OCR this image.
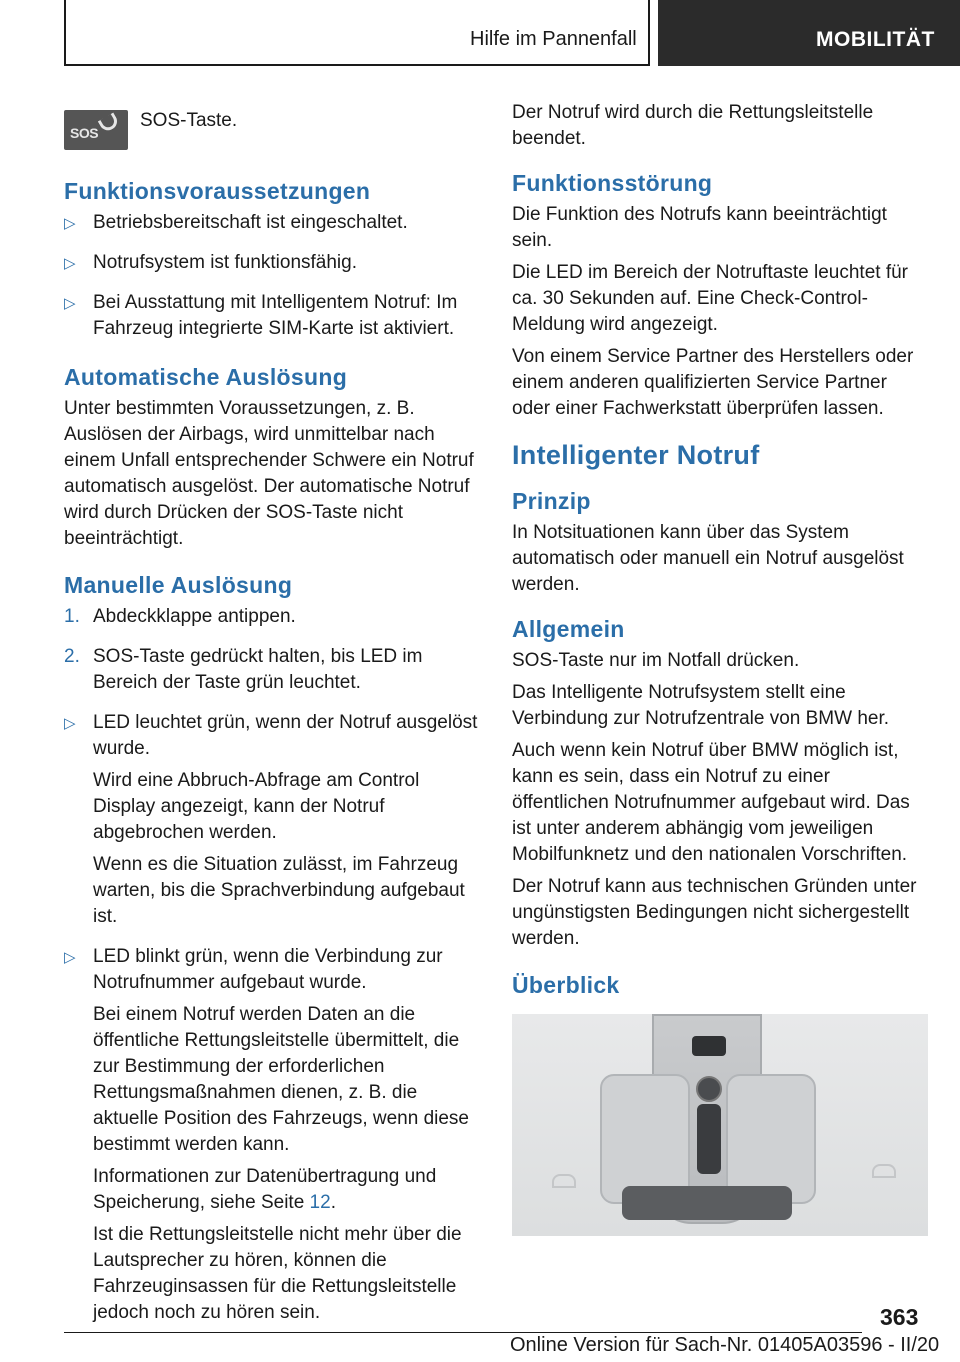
Hilfe im Pannenfall	MOBILITÄT
SOS
SOS-Taste.
Funktionsvoraussetzungen
▷ Betriebsbereitschaft ist eingeschaltet.

▷ Notrufsystem ist funktionsfähig.

▷ Bei Ausstattung mit Intelligentem Notruf: Im Fahrzeug integrierte SIM-Karte ist aktiviert.

Automatische Auslösung

Unter bestimmten Voraussetzungen, z. B. Auslösen der Airbags, wird unmittelbar nach einem Unfall entsprechender Schwere ein Notruf automatisch ausgelöst. Der automatische Notruf wird durch Drücken der SOS-Taste nicht beeinträchtigt.

Manuelle Auslösung
1. Abdeckklappe antippen.

2. SOS-Taste gedrückt halten, bis LED im Bereich der Taste grün leuchtet.

▷ LED leuchtet grün, wenn der Notruf ausgelöst wurde.

Wird eine Abbruch-Abfrage am Control Display angezeigt, kann der Notruf abgebrochen werden.

Wenn es die Situation zulässt, im Fahrzeug warten, bis die Sprachverbindung aufgebaut ist.

▷ LED blinkt grün, wenn die Verbindung zur Notrufnummer aufgebaut wurde.

Bei einem Notruf werden Daten an die öffentliche Rettungsleitstelle übermittelt, die zur Bestimmung der erforderlichen Rettungsmaßnahmen dienen, z. B. die aktuelle Position des Fahrzeugs, wenn diese bestimmt werden kann.

Informationen zur Datenübertragung und Speicherung, siehe Seite 12.

Ist die Rettungsleitstelle nicht mehr über die Lautsprecher zu hören, können die Fahrzeuginsassen für die Rettungsleitstelle jedoch noch zu hören sein.

Der Notruf wird durch die Rettungsleitstelle beendet.

Funktionsstörung

Die Funktion des Notrufs kann beeinträchtigt sein.

Die LED im Bereich der Notruftaste leuchtet für ca. 30 Sekunden auf. Eine Check-Control-Meldung wird angezeigt.

Von einem Service Partner des Herstellers oder einem anderen qualifizierten Service Partner oder einer Fachwerkstatt überprüfen lassen.

Intelligenter Notruf
Prinzip

In Notsituationen kann über das System automatisch oder manuell ein Notruf ausgelöst werden.

Allgemein

SOS-Taste nur im Notfall drücken.

Das Intelligente Notrufsystem stellt eine Verbindung zur Notrufzentrale von BMW her.

Auch wenn kein Notruf über BMW möglich ist, kann es sein, dass ein Notruf zu einer öffentlichen Notrufnummer aufgebaut wird. Das ist unter anderem abhängig vom jeweiligen Mobilfunknetz und den nationalen Vorschriften.

Der Notruf kann aus technischen Gründen unter ungünstigsten Bedingungen nicht sichergestellt werden.

Überblick
363
Online Version für Sach-Nr. 01405A03596 - II/20
